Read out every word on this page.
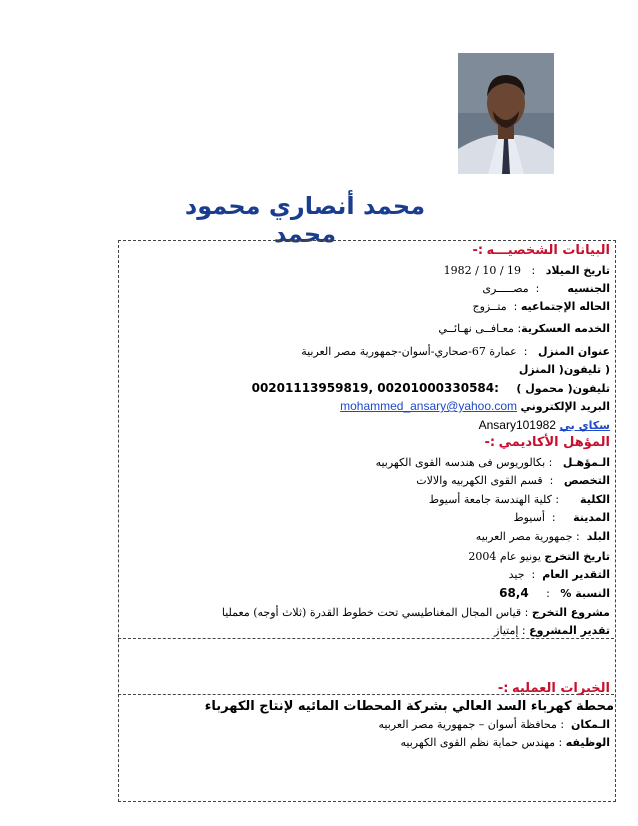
محمد أنصاري محمود محمد
البيانات الشخصيـــه :-
تاريخ الميلاد   :   1982 / 10 / 19
الجنسيه        :  مصـــــرى
الحاله الإجتماعيه :  متــزوج
الخدمه العسكرية: معـافــى نهـائــي
عنوان المنزل   :  عمارة 67-صحاري-أسوان-جمهورية مصر العربية
( تليفون( المنزل
تليفون( محمول )     00201113959819, 00201000330584:
البريد الإلكتروني mohammed_ansary@yahoo.com
سكاي بي Ansary101982
المؤهل الأكاديمي :-
الـمؤهـل   : بكالوريوس فى هندسه القوى الكهربيه
التخصص   :  قسم القوى الكهربيه والالات
الكلية      : كلية الهندسة جامعة أسيوط
المدينة     :  أسيوط
البلد  : جمهورية مصر العربيه
تاريخ التخرج يونيو عام 2004
التقدير العام  :  جيد
النسبة %   :     68,4
مشروع التخرج : قياس المجال المغناطيسي تحت خطوط القدرة (ثلاث أوجه) معمليا
تقدير المشروع : إمتياز
الخبرات العمليه :-
محطة كهرباء السد العالي بشركة المحطات المائيه لإنتاج الكهرباء
الـمكان  : محافظة أسوان – جمهورية مصر العربيه
الوظيفه : مهندس حماية نظم القوى الكهربيه
